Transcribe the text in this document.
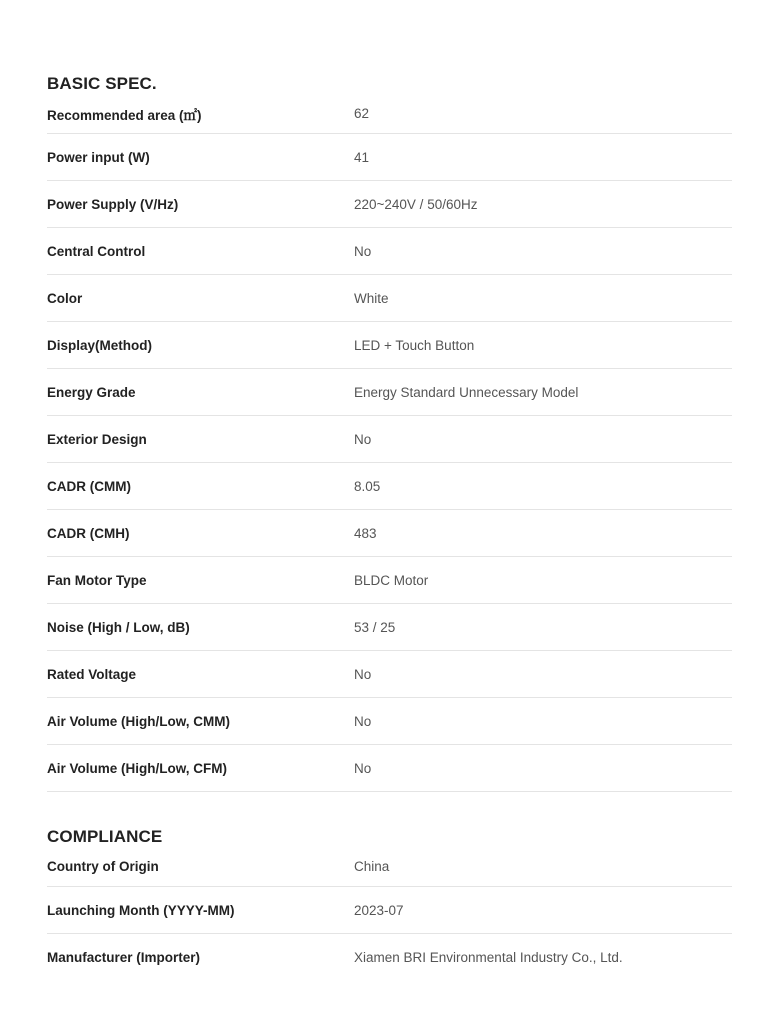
BASIC SPEC.
Recommended area (㎡)	62
Power input (W)	41
Power Supply (V/Hz)	220~240V / 50/60Hz
Central Control	No
Color	White
Display(Method)	LED + Touch Button
Energy Grade	Energy Standard Unnecessary Model
Exterior Design	No
CADR (CMM)	8.05
CADR (CMH)	483
Fan Motor Type	BLDC Motor
Noise (High / Low, dB)	53 / 25
Rated Voltage	No
Air Volume (High/Low, CMM)	No
Air Volume (High/Low, CFM)	No
COMPLIANCE
Country of Origin	China
Launching Month (YYYY-MM)	2023-07
Manufacturer (Importer)	Xiamen BRI Environmental Industry Co., Ltd.
